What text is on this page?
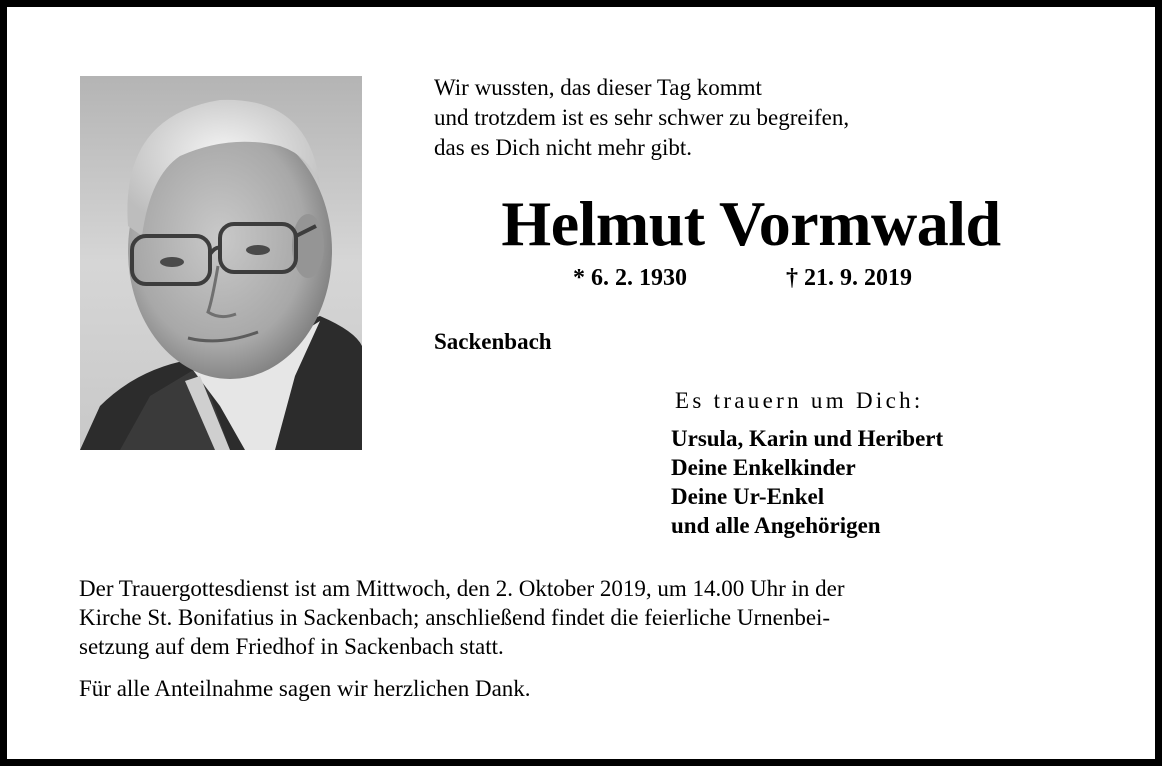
Wir wussten, das dieser Tag kommt
und trotzdem ist es sehr schwer zu begreifen,
das es Dich nicht mehr gibt.
Helmut Vormwald
* 6. 2. 1930	† 21. 9. 2019
Sackenbach
Es trauern um Dich:
Ursula, Karin und Heribert
Deine Enkelkinder
Deine Ur-Enkel
und alle Angehörigen
Der Trauergottesdienst ist am Mittwoch, den 2. Oktober 2019, um 14.00 Uhr in der
Kirche St. Bonifatius in Sackenbach; anschließend findet die feierliche Urnenbei-
setzung auf dem Friedhof in Sackenbach statt.
Für alle Anteilnahme sagen wir herzlichen Dank.
